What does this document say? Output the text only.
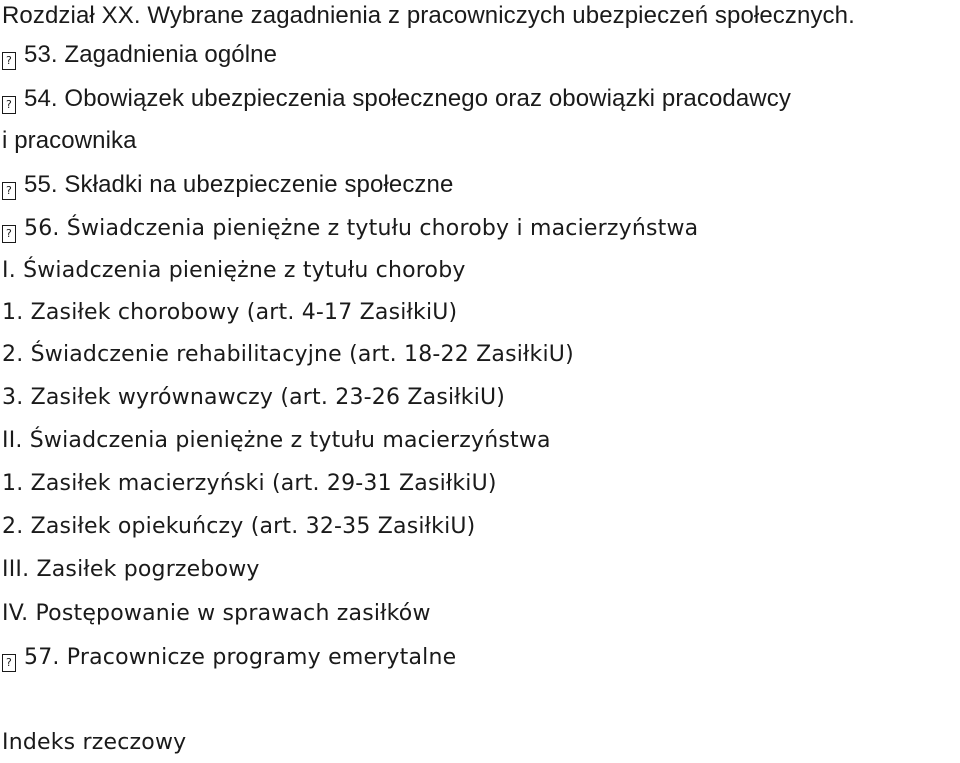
Rozdział XX. Wybrane zagadnienia z pracowniczych ubezpieczeń społecznych.
? 53. Zagadnienia ogólne
? 54. Obowiązek ubezpieczenia społecznego oraz obowiązki pracodawcy
i pracownika
? 55. Składki na ubezpieczenie społeczne
? 56. Świadczenia pieniężne z tytułu choroby i macierzyństwa
I. Świadczenia pieniężne z tytułu choroby
1. Zasiłek chorobowy (art. 4-17 ZasiłkiU)
2. Świadczenie rehabilitacyjne (art. 18-22 ZasiłkiU)
3. Zasiłek wyrównawczy (art. 23-26 ZasiłkiU)
II. Świadczenia pieniężne z tytułu macierzyństwa
1. Zasiłek macierzyński (art. 29-31 ZasiłkiU)
2. Zasiłek opiekuńczy (art. 32-35 ZasiłkiU)
III. Zasiłek pogrzebowy
IV. Postępowanie w sprawach zasiłków
? 57. Pracownicze programy emerytalne
Indeks rzeczowy
